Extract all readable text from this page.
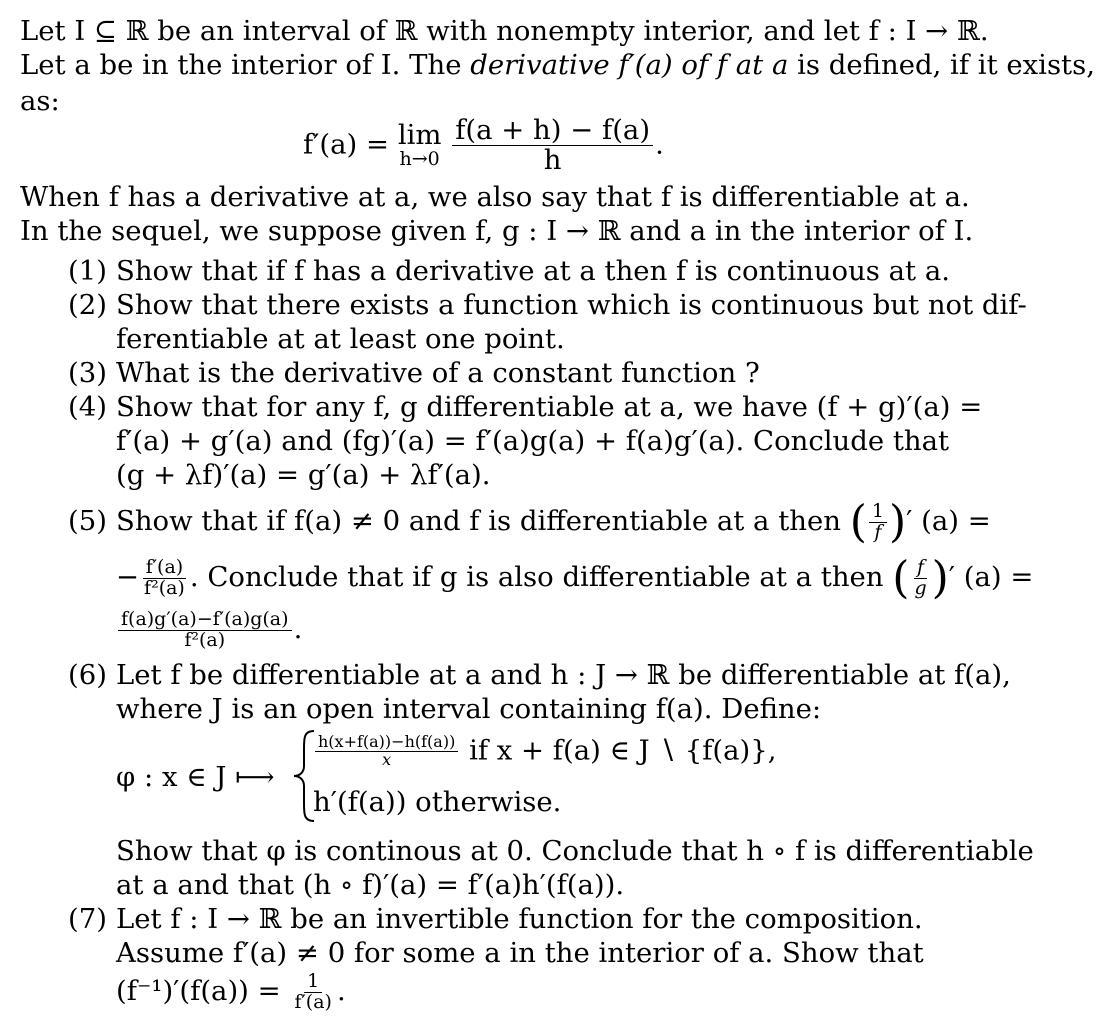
Let I ⊆ ℝ be an interval of ℝ with nonempty interior, and let f : I → ℝ.
Let a be in the interior of I. The derivative f′(a) of f at a is defined, if it exists,
as:
f′(a) = lim
h→0
$\frac{f(a + h) - f(a)}{h}$ .
When f has a derivative at a, we also say that f is differentiable at a.
In the sequel, we suppose given f, g : I → ℝ and a in the interior of I.
(1) Show that if f has a derivative at a then f is continuous at a.
(2) Show that there exists a function which is continuous but not dif-
ferentiable at at least one point.
(3) What is the derivative of a constant function ?
(4) Show that for any f, g differentiable at a, we have (f + g)′(a) =
f′(a) + g′(a) and (fg)′(a) = f′(a)g(a) + f(a)g′(a). Conclude that
(g + λf)′(a) = g′(a) + λf′(a).
(5) Show that if f(a) ≠ 0 and f is differentiable at a then ( $\frac{1}{f}$ )′ (a) =
− $\frac{f'(a)}{\text{f²(a)}}$ . Conclude that if g is also differentiable at a then ( $\frac{f}{g}$ )′ (a) =
$\frac{f(a)g'(a)-f'(a)g(a)}{\text{f²(a)}}$ .
(6) Let f be differentiable at a and h : J → ℝ be differentiable at f(a),
where J is an open interval containing f(a). Define:
φ : x ∈ J ⟼
$\frac{h(x+f(a))-h(f(a))}{x}$ if x + f(a) ∈ J ∖ {f(a)},
h′(f(a)) otherwise.
Show that φ is continous at 0. Conclude that h ∘ f is differentiable
at a and that (h ∘ f)′(a) = f′(a)h′(f(a)).
(7) Let f : I → ℝ be an invertible function for the composition.
Assume f′(a) ≠ 0 for some a in the interior of a. Show that
$(f^{-1})'(f(a)) = \frac{1}{f'(a)}$ .
